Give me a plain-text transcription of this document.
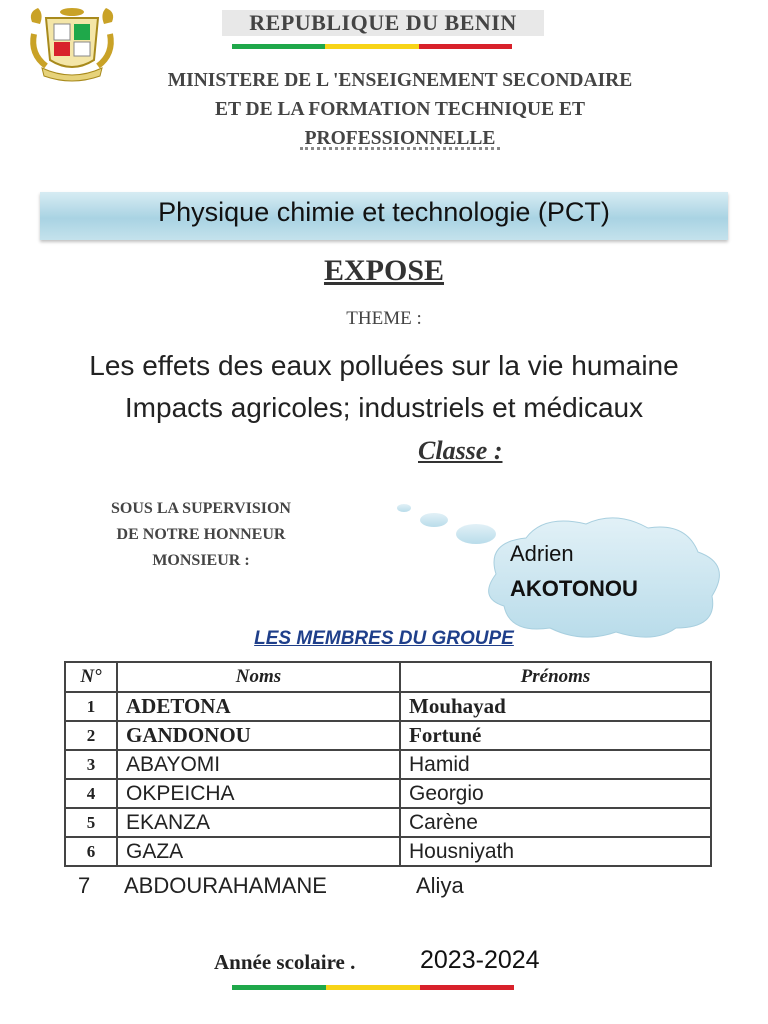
REPUBLIQUE DU BENIN
MINISTERE DE L 'ENSEIGNEMENT SECONDAIRE
ET DE LA FORMATION TECHNIQUE ET
PROFESSIONNELLE
Physique chimie et technologie (PCT)
EXPOSE
THEME :
Les effets des eaux polluées sur la vie humaine
Impacts agricoles; industriels et médicaux
Classe :
SOUS LA SUPERVISION
DE NOTRE HONNEUR
MONSIEUR :	Adrien
AKOTONOU
LES MEMBRES DU GROUPE
N°	Noms	Prénoms
1	ADETONA	Mouhayad
2	GANDONOU	Fortuné
3	ABAYOMI	Hamid
4	OKPEICHA	Georgio
5	EKANZA	Carène
6	GAZA	Housniyath
7 ABDOURAHAMANE	Aliya
Année scolaire .	2023-2024
